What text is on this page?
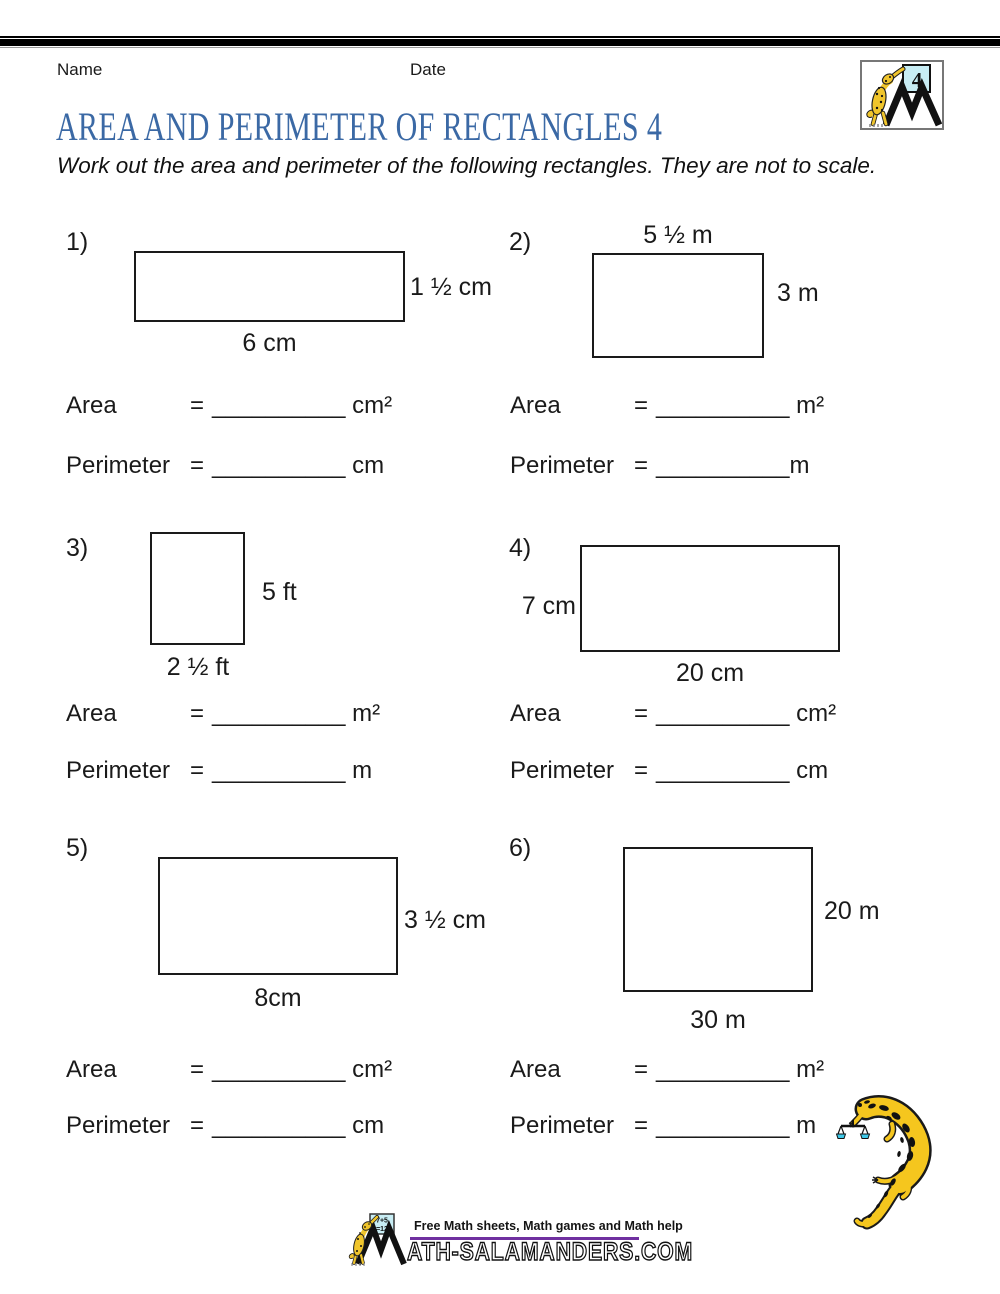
Name	Date	4
AREA AND PERIMETER OF RECTANGLES 4
Work out the area and perimeter of the following rectangles. They are not to scale.
1)
1 ½ cm
6 cm
Area	= __________ cm²
Perimeter = __________ cm
2)	5 ½ m
3 m
Area	= __________ m²
Perimeter = __________m
3)
5 ft
2 ½ ft
Area	= __________ m²
Perimeter = __________ m
4)
7 cm
20 cm
Area	= __________ cm²
Perimeter = __________ cm
5)
3 ½ cm
8cm
Area	= __________ cm²
Perimeter = __________ cm
6)
20 m
30 m
Area	= __________ m²
Perimeter = __________ m
7+5
=12 Free Math sheets, Math games and Math help
ATH-SALAMANDERS.COM
